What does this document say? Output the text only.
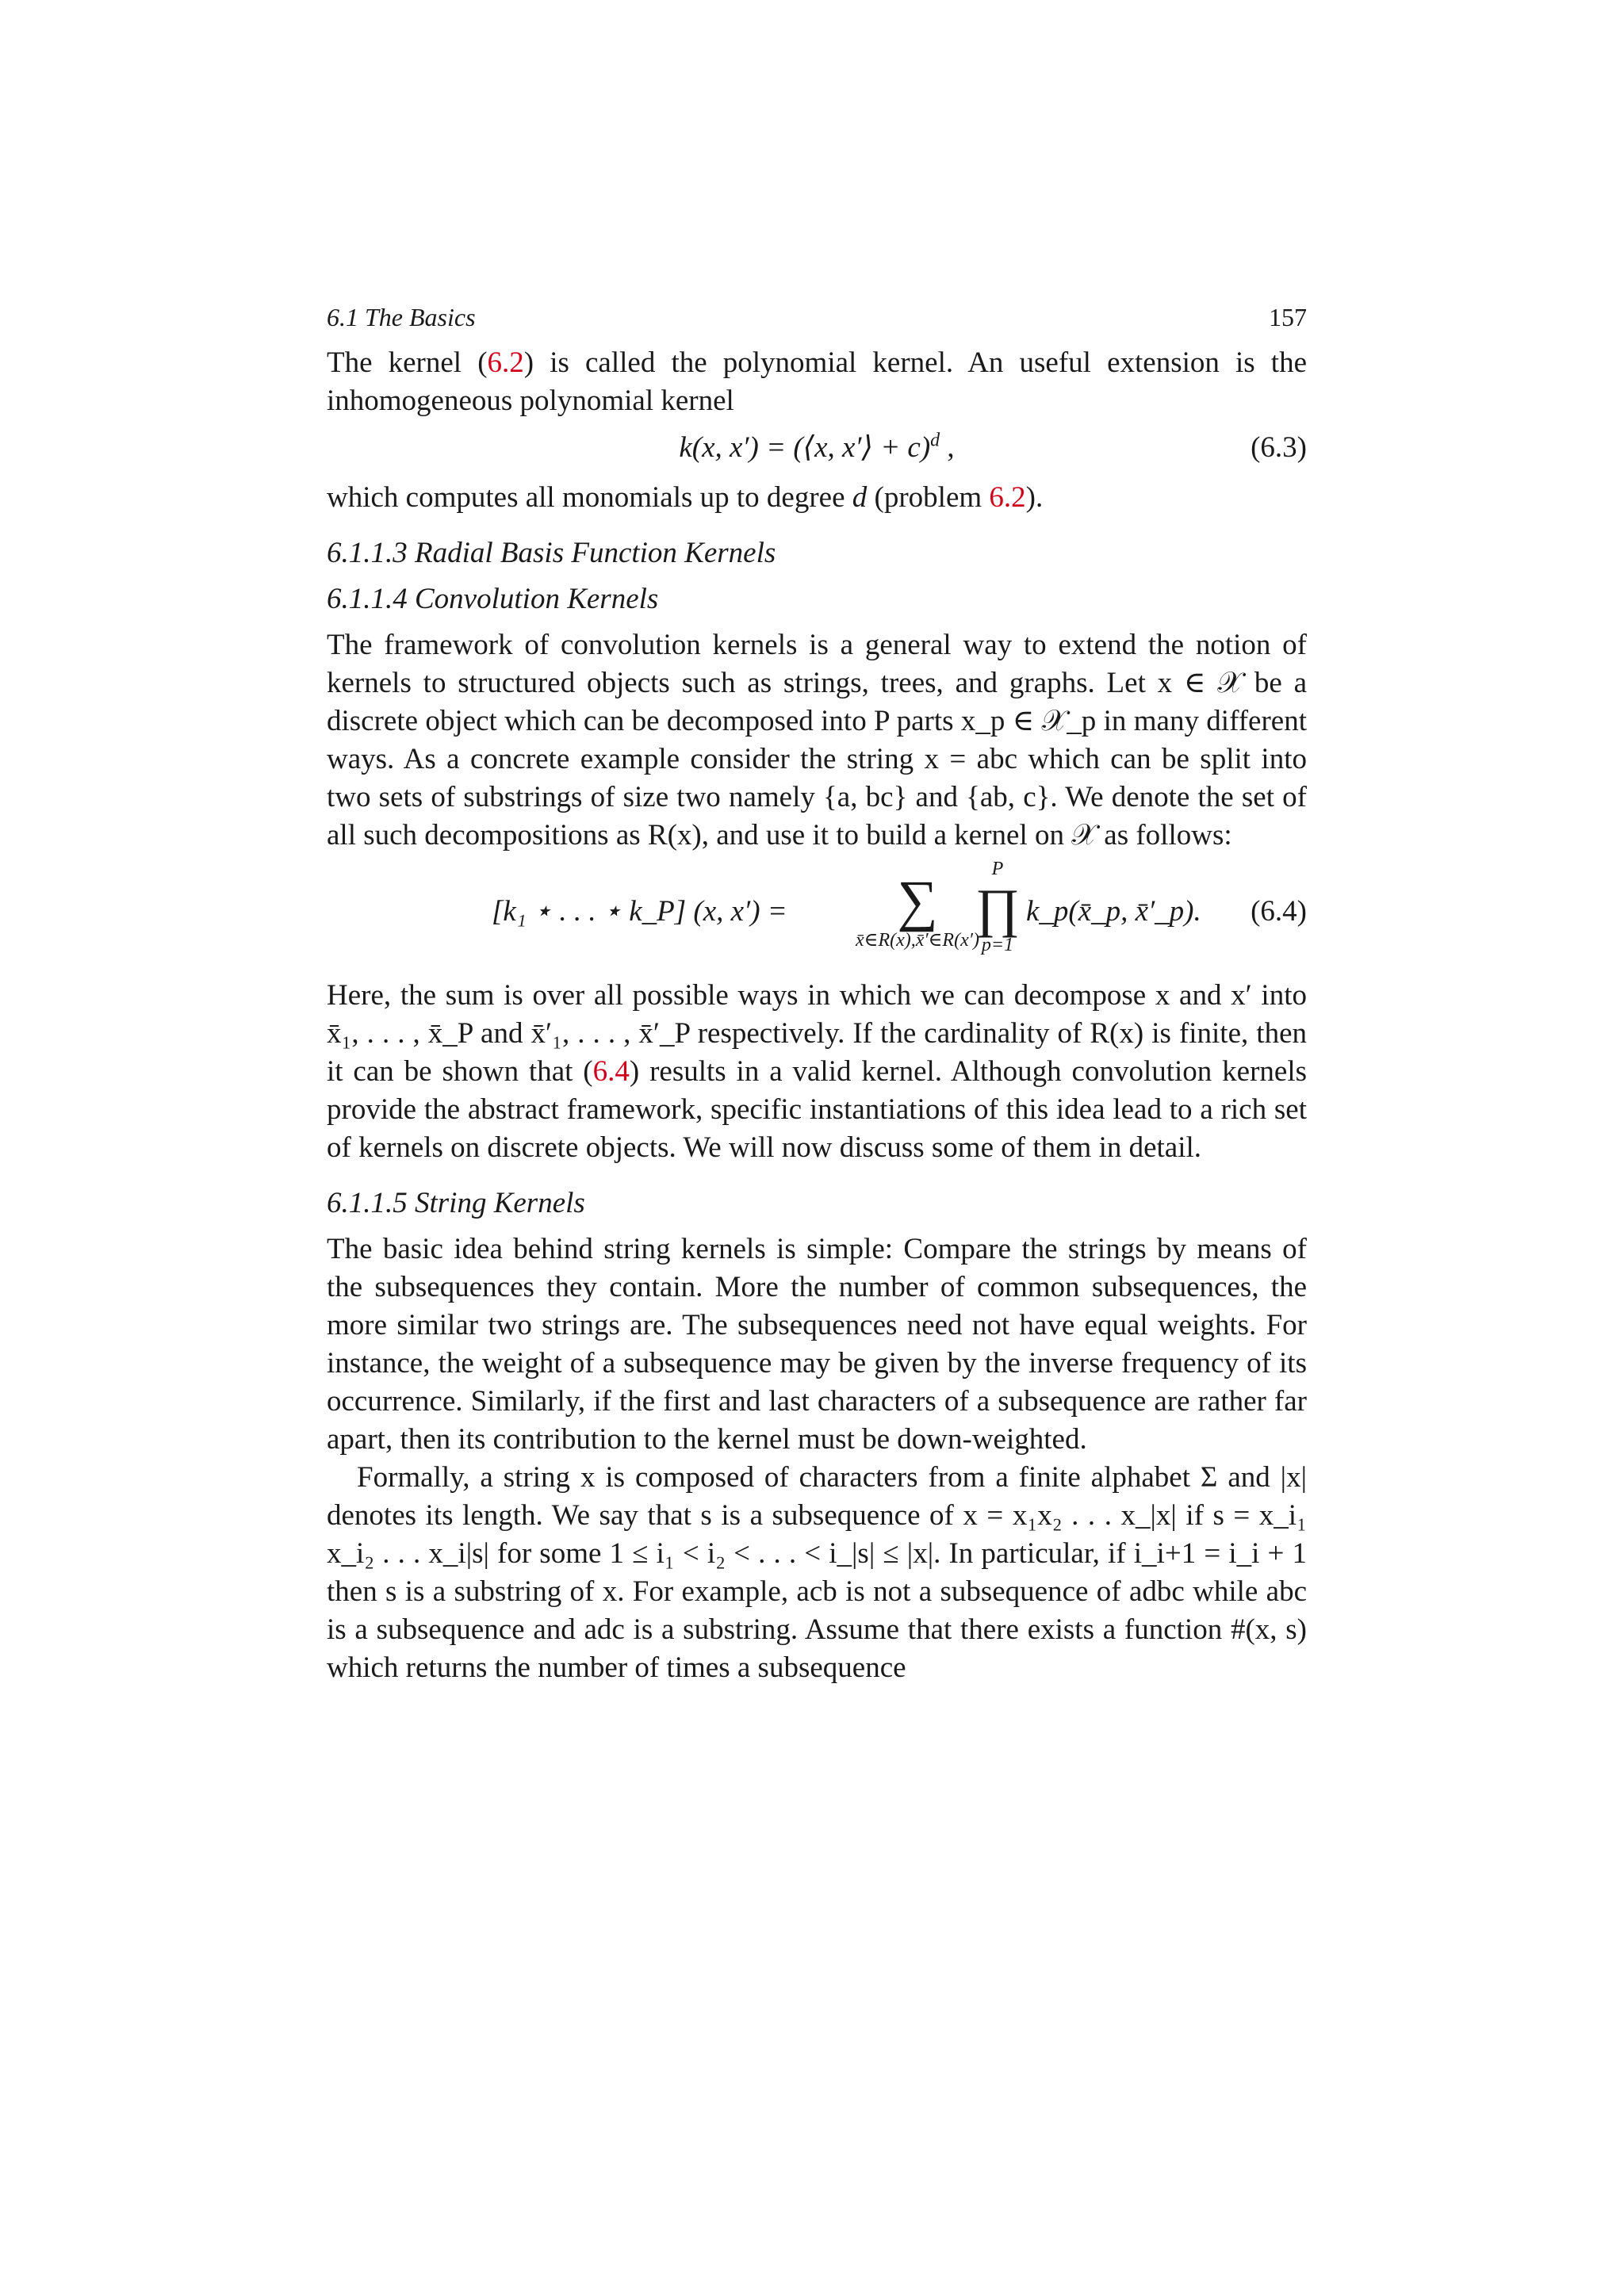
6.1 The Basics	157

The kernel (6.2) is called the polynomial kernel. An useful extension is the inhomogeneous polynomial kernel

k(x, x′) = (⟨x, x′⟩ + c)$^d$ ,	(6.3)

which computes all monomials up to degree d (problem 6.2).

6.1.1.3 Radial Basis Function Kernels
6.1.1.4 Convolution Kernels

The framework of convolution kernels is a general way to extend the notion of kernels to structured objects such as strings, trees, and graphs. Let x ∈ 𝒳 be a discrete object which can be decomposed into P parts x_p ∈ 𝒳_p in many different ways. As a concrete example consider the string x = abc which can be split into two sets of substrings of size two namely {a, bc} and {ab, c}. We denote the set of all such decompositions as R(x), and use it to build a kernel on 𝒳 as follows:

[k₁ ⋆ . . . ⋆ k_P] (x, x′) =	∑
x̄∈R(x),x̄′∈R(x′)
P
∏
p=1
k_p(x̄_p, x̄′_p). (6.4)

Here, the sum is over all possible ways in which we can decompose x and x′ into x̄₁, . . . , x̄_P and x̄′₁, . . . , x̄′_P respectively. If the cardinality of R(x) is finite, then it can be shown that (6.4) results in a valid kernel. Although convolution kernels provide the abstract framework, specific instantiations of this idea lead to a rich set of kernels on discrete objects. We will now discuss some of them in detail.

6.1.1.5 String Kernels

The basic idea behind string kernels is simple: Compare the strings by means of the subsequences they contain. More the number of common subsequences, the more similar two strings are. The subsequences need not have equal weights. For instance, the weight of a subsequence may be given by the inverse frequency of its occurrence. Similarly, if the first and last characters of a subsequence are rather far apart, then its contribution to the kernel must be down-weighted.

Formally, a string x is composed of characters from a finite alphabet Σ and |x| denotes its length. We say that s is a subsequence of x = x₁x₂ . . . x_|x| if s = x_i₁ x_i₂ . . . x_i|s| for some 1 ≤ i₁ < i₂ < . . . < i_|s| ≤ |x|. In particular, if i_i+1 = i_i + 1 then s is a substring of x. For example, acb is not a subsequence of adbc while abc is a subsequence and adc is a substring. Assume that there exists a function #(x, s) which returns the number of times a subsequence
